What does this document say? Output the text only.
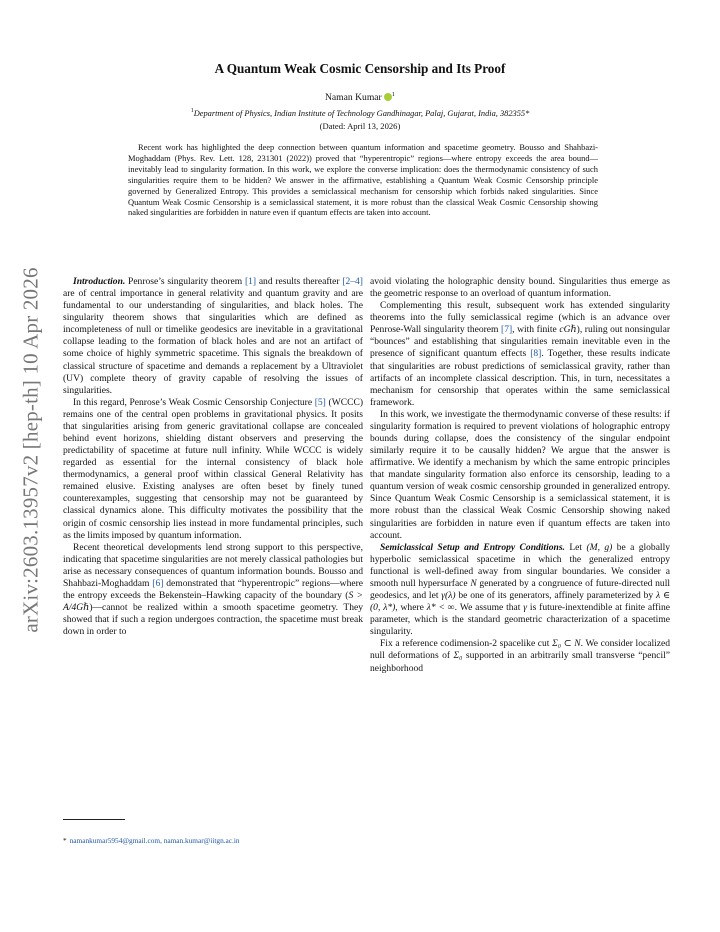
arXiv:2603.13957v2 [hep-th] 10 Apr 2026
A Quantum Weak Cosmic Censorship and Its Proof
Naman Kumar $^1$
$^1$Department of Physics, Indian Institute of Technology Gandhinagar, Palaj, Gujarat, India, 382355*
(Dated: April 13, 2026)
Recent work has highlighted the deep connection between quantum information and spacetime geometry. Bousso and Shahbazi-Moghaddam (Phys. Rev. Lett. 128, 231301 (2022)) proved that “hyperentropic” regions—where entropy exceeds the area bound—inevitably lead to singularity formation. In this work, we explore the converse implication: does the thermodynamic consistency of such singularities require them to be hidden? We answer in the affirmative, establishing a Quantum Weak Cosmic Censorship principle governed by Generalized Entropy. This provides a semiclassical mechanism for censorship which forbids naked singularities. Since Quantum Weak Cosmic Censorship is a semiclassical statement, it is more robust than the classical Weak Cosmic Censorship showing naked singularities are forbidden in nature even if quantum effects are taken into account.

Introduction. Penrose’s singularity theorem [1] and results thereafter [2–4] are of central importance in general relativity and quantum gravity and are fundamental to our understanding of singularities, and black holes. The singularity theorem shows that singularities which are defined as incompleteness of null or timelike geodesics are inevitable in a gravitational collapse leading to the formation of black holes and are not an artifact of some choice of highly symmetric spacetime. This signals the breakdown of classical structure of spacetime and demands a replacement by a Ultraviolet (UV) complete theory of gravity capable of resolving the issues of singularities.

In this regard, Penrose’s Weak Cosmic Censorship Conjecture [5] (WCCC) remains one of the central open problems in gravitational physics. It posits that singularities arising from generic gravitational collapse are concealed behind event horizons, shielding distant observers and preserving the predictability of spacetime at future null infinity. While WCCC is widely regarded as essential for the internal consistency of black hole thermodynamics, a general proof within classical General Relativity has remained elusive. Existing analyses are often beset by finely tuned counterexamples, suggesting that censorship may not be guaranteed by classical dynamics alone. This difficulty motivates the possibility that the origin of cosmic censorship lies instead in more fundamental principles, such as the limits imposed by quantum information.

Recent theoretical developments lend strong support to this perspective, indicating that spacetime singularities are not merely classical pathologies but arise as necessary consequences of quantum information bounds. Bousso and Shahbazi-Moghaddam [6] demonstrated that “hyperentropic” regions—where the entropy exceeds the Bekenstein–Hawking capacity of the boundary (S > A/4Gℏ)—cannot be realized within a smooth spacetime geometry. They showed that if such a region undergoes contraction, the spacetime must break down in order to

avoid violating the holographic density bound. Singularities thus emerge as the geometric response to an overload of quantum information.

Complementing this result, subsequent work has extended singularity theorems into the fully semiclassical regime (which is an advance over Penrose-Wall singularity theorem [7], with finite cGℏ), ruling out nonsingular “bounces” and establishing that singularities remain inevitable even in the presence of significant quantum effects [8]. Together, these results indicate that singularities are robust predictions of semiclassical gravity, rather than artifacts of an incomplete classical description. This, in turn, necessitates a mechanism for censorship that operates within the same semiclassical framework.

In this work, we investigate the thermodynamic converse of these results: if singularity formation is required to prevent violations of holographic entropy bounds during collapse, does the consistency of the singular endpoint similarly require it to be causally hidden? We argue that the answer is affirmative. We identify a mechanism by which the same entropic principles that mandate singularity formation also enforce its censorship, leading to a quantum version of weak cosmic censorship grounded in generalized entropy. Since Quantum Weak Cosmic Censorship is a semiclassical statement, it is more robust than the classical Weak Cosmic Censorship showing naked singularities are forbidden in nature even if quantum effects are taken into account.

Semiclassical Setup and Entropy Conditions. Let (M, g) be a globally hyperbolic semiclassical spacetime in which the generalized entropy functional is well-defined away from singular boundaries. We consider a smooth null hypersurface N generated by a congruence of future-directed null geodesics, and let γ(λ) be one of its generators, affinely parameterized by λ ∈ (0, λ*), where λ* < ∞. We assume that γ is future-inextendible at finite affine parameter, which is the standard geometric characterization of a spacetime singularity.

Fix a reference codimension-2 spacelike cut Σ₀ ⊂ N. We consider localized null deformations of Σ₀ supported in an arbitrarily small transverse “pencil” neighborhood

* namankumar5954@gmail.com, naman.kumar@iitgn.ac.in
